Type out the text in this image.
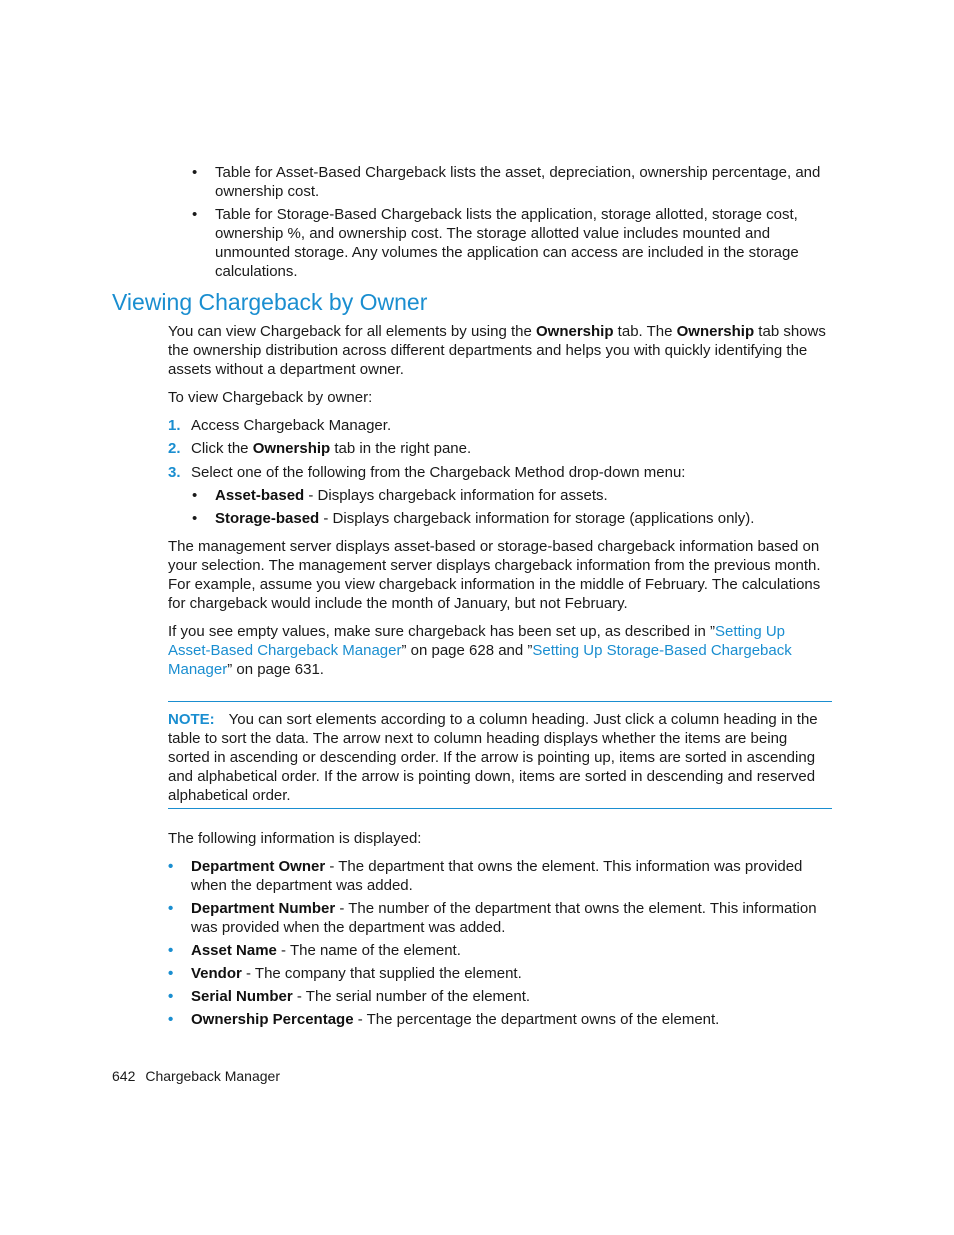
•	Table for Asset-Based Chargeback lists the asset, depreciation, ownership percentage, and
ownership cost.
•	Table for Storage-Based Chargeback lists the application, storage allotted, storage cost,
ownership %, and ownership cost. The storage allotted value includes mounted and
unmounted storage. Any volumes the application can access are included in the storage
calculations.
Viewing Chargeback by Owner
You can view Chargeback for all elements by using the Ownership tab. The Ownership tab shows
the ownership distribution across different departments and helps you with quickly identifying the
assets without a department owner.
To view Chargeback by owner:
1. Access Chargeback Manager.
2. Click the Ownership tab in the right pane.
3. Select one of the following from the Chargeback Method drop-down menu:
•	Asset-based - Displays chargeback information for assets.
•	Storage-based - Displays chargeback information for storage (applications only).
The management server displays asset-based or storage-based chargeback information based on
your selection. The management server displays chargeback information from the previous month.
For example, assume you view chargeback information in the middle of February. The calculations
for chargeback would include the month of January, but not February.
If you see empty values, make sure chargeback has been set up, as described in ”Setting Up
Asset-Based Chargeback Manager” on page 628 and ”Setting Up Storage-Based Chargeback
Manager” on page 631.
NOTE: You can sort elements according to a column heading. Just click a column heading in the
table to sort the data. The arrow next to column heading displays whether the items are being
sorted in ascending or descending order. If the arrow is pointing up, items are sorted in ascending
and alphabetical order. If the arrow is pointing down, items are sorted in descending and reserved
alphabetical order.
The following information is displayed:
•	Department Owner - The department that owns the element. This information was provided
when the department was added.
•	Department Number - The number of the department that owns the element. This information
was provided when the department was added.
•	Asset Name - The name of the element.
•	Vendor - The company that supplied the element.
•	Serial Number - The serial number of the element.
•	Ownership Percentage - The percentage the department owns of the element.
642 Chargeback Manager
